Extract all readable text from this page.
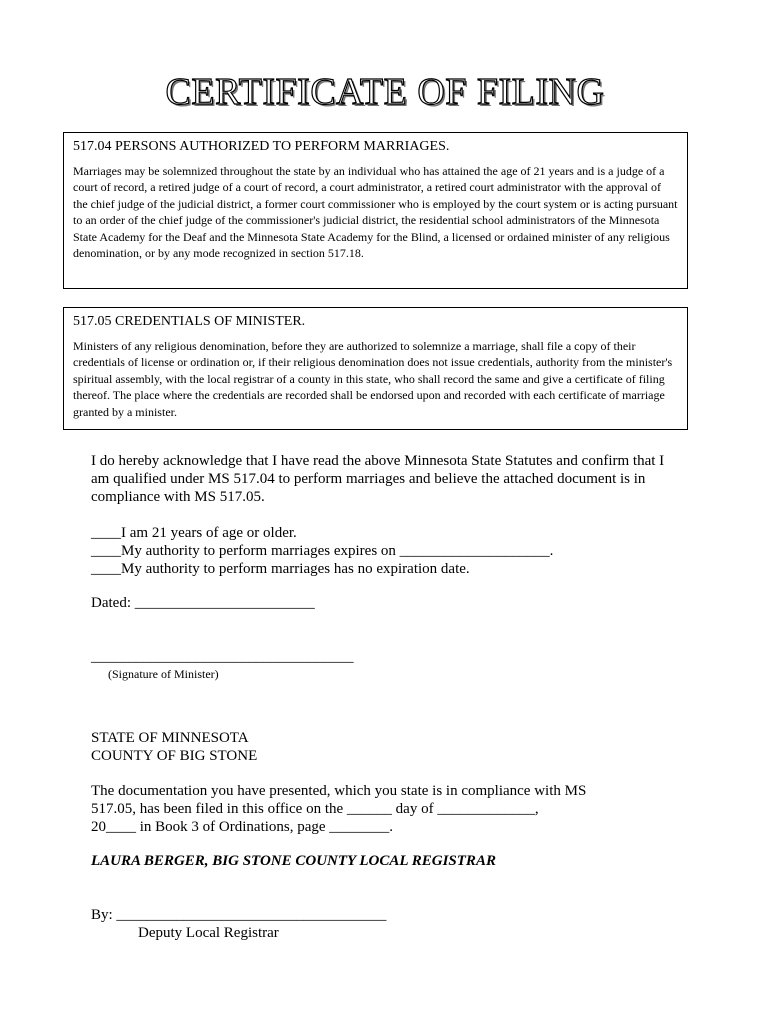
CERTIFICATE OF FILING
517.04 PERSONS AUTHORIZED TO PERFORM MARRIAGES.

Marriages may be solemnized throughout the state by an individual who has attained the age of 21 years and is a judge of a court of record, a retired judge of a court of record, a court administrator, a retired court administrator with the approval of the chief judge of the judicial district, a former court commissioner who is employed by the court system or is acting pursuant to an order of the chief judge of the commissioner's judicial district, the residential school administrators of the Minnesota State Academy for the Deaf and the Minnesota State Academy for the Blind, a licensed or ordained minister of any religious denomination, or by any mode recognized in section 517.18.

517.05 CREDENTIALS OF MINISTER.

Ministers of any religious denomination, before they are authorized to solemnize a marriage, shall file a copy of their credentials of license or ordination or, if their religious denomination does not issue credentials, authority from the minister's spiritual assembly, with the local registrar of a county in this state, who shall record the same and give a certificate of filing thereof. The place where the credentials are recorded shall be endorsed upon and recorded with each certificate of marriage granted by a minister.

I do hereby acknowledge that I have read the above Minnesota State Statutes and confirm that I am qualified under MS 517.04 to perform marriages and believe the attached document is in compliance with MS 517.05.
____I am 21 years of age or older.
____My authority to perform marriages expires on ____________________.
____My authority to perform marriages has no expiration date.
Dated: ________________________
___________________________________
(Signature of Minister)
STATE OF MINNESOTA
COUNTY OF BIG STONE
The documentation you have presented, which you state is in compliance with MS
517.05, has been filed in this office on the ______ day of _____________,
20____ in Book 3 of Ordinations, page ________.
LAURA BERGER, BIG STONE COUNTY LOCAL REGISTRAR
By: ____________________________________
Deputy Local Registrar
